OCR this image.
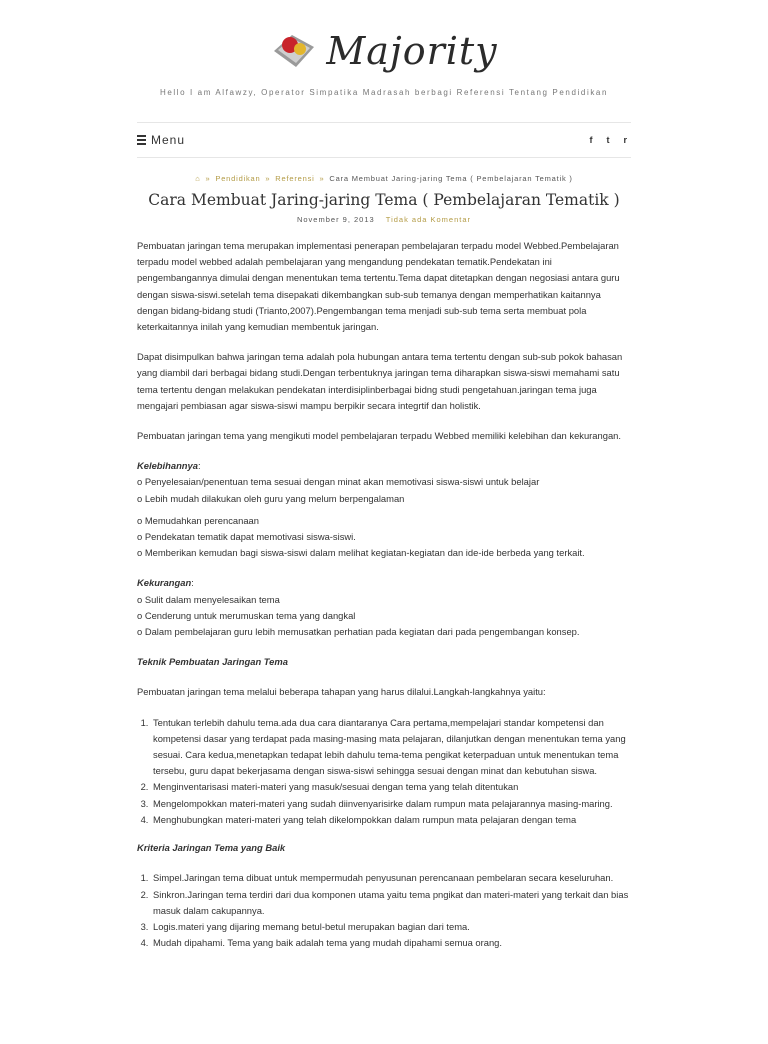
Majority
Hello I am Alfawzy, Operator Simpatika Madrasah berbagi Referensi Tentang Pendidikan
Menu	f t r
⌂ » Pendidikan » Referensi » Cara Membuat Jaring-jaring Tema ( Pembelajaran Tematik )
Cara Membuat Jaring-jaring Tema ( Pembelajaran Tematik )
November 9, 2013 Tidak ada Komentar

Pembuatan jaringan tema merupakan implementasi penerapan pembelajaran terpadu model Webbed.Pembelajaran terpadu model webbed adalah pembelajaran yang mengandung pendekatan tematik.Pendekatan ini pengembangannya dimulai dengan menentukan tema tertentu.Tema dapat ditetapkan dengan negosiasi antara guru dengan siswa-siswi.setelah tema disepakati dikembangkan sub-sub temanya dengan memperhatikan kaitannya dengan bidang-bidang studi (Trianto,2007).Pengembangan tema menjadi sub-sub tema serta membuat pola keterkaitannya inilah yang kemudian membentuk jaringan.

Dapat disimpulkan bahwa jaringan tema adalah pola hubungan antara tema tertentu dengan sub-sub pokok bahasan yang diambil dari berbagai bidang studi.Dengan terbentuknya jaringan tema diharapkan siswa-siswi memahami satu tema tertentu dengan melakukan pendekatan interdisiplinberbagai bidng studi pengetahuan.jaringan tema juga mengajari pembiasan agar siswa-siswi mampu berpikir secara integrtif dan holistik.

Pembuatan jaringan tema yang mengikuti model pembelajaran terpadu Webbed memiliki kelebihan dan kekurangan.

Kelebihannya:
o Penyelesaian/penentuan tema sesuai dengan minat akan memotivasi siswa-siswi untuk belajar
o Lebih mudah dilakukan oleh guru yang melum berpengalaman
o Memudahkan perencanaan
o Pendekatan tematik dapat memotivasi siswa-siswi.
o Memberikan kemudan bagi siswa-siswi dalam melihat kegiatan-kegiatan dan ide-ide berbeda yang terkait.
Kekurangan:
o Sulit dalam menyelesaikan tema
o Cenderung untuk merumuskan tema yang dangkal
o Dalam pembelajaran guru lebih memusatkan perhatian pada kegiatan dari pada pengembangan konsep.

Teknik Pembuatan Jaringan Tema

Pembuatan jaringan tema melalui beberapa tahapan yang harus dilalui.Langkah-langkahnya yaitu:

1. Tentukan terlebih dahulu tema.ada dua cara diantaranya Cara pertama,mempelajari standar kompetensi dan kompetensi dasar yang terdapat pada masing-masing mata pelajaran, dilanjutkan dengan menentukan tema yang sesuai. Cara kedua,menetapkan tedapat lebih dahulu tema-tema pengikat keterpaduan untuk menentukan tema tersebu, guru dapat bekerjasama dengan siswa-siswi sehingga sesuai dengan minat dan kebutuhan siswa.
2. Menginventarisasi materi-materi yang masuk/sesuai dengan tema yang telah ditentukan
3. Mengelompokkan materi-materi yang sudah diinvenyarisirke dalam rumpun mata pelajarannya masing-maring.
4. Menghubungkan materi-materi yang telah dikelompokkan dalam rumpun mata pelajaran dengan tema

Kriteria Jaringan Tema yang Baik

1. Simpel.Jaringan tema dibuat untuk mempermudah penyusunan perencanaan pembelaran secara keseluruhan.
2. Sinkron.Jaringan tema terdiri dari dua komponen utama yaitu tema pngikat dan materi-materi yang terkait dan bias masuk dalam cakupannya.
3. Logis.materi yang dijaring memang betul-betul merupakan bagian dari tema.
4. Mudah dipahami. Tema yang baik adalah tema yang mudah dipahami semua orang.
